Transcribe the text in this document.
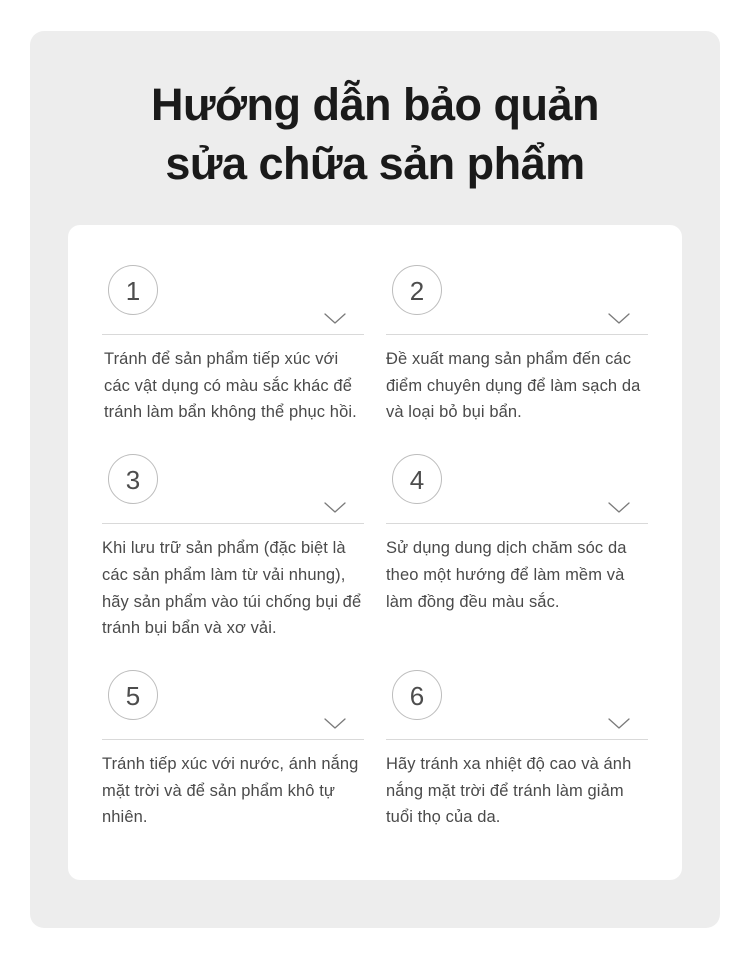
Hướng dẫn bảo quản
sửa chữa sản phẩm
1

Tránh để sản phẩm tiếp xúc với các vật dụng có màu sắc khác để tránh làm bẩn không thể phục hồi.

2

Đề xuất mang sản phẩm đến các điểm chuyên dụng để làm sạch da và loại bỏ bụi bẩn.

3

Khi lưu trữ sản phẩm (đặc biệt là các sản phẩm làm từ vải nhung), hãy sản phẩm vào túi chống bụi để tránh bụi bẩn và xơ vải.

4

Sử dụng dung dịch chăm sóc da theo một hướng để làm mềm và làm đồng đều màu sắc.

5

Tránh tiếp xúc với nước, ánh nắng mặt trời và để sản phẩm khô tự nhiên.

6

Hãy tránh xa nhiệt độ cao và ánh nắng mặt trời để tránh làm giảm tuổi thọ của da.
